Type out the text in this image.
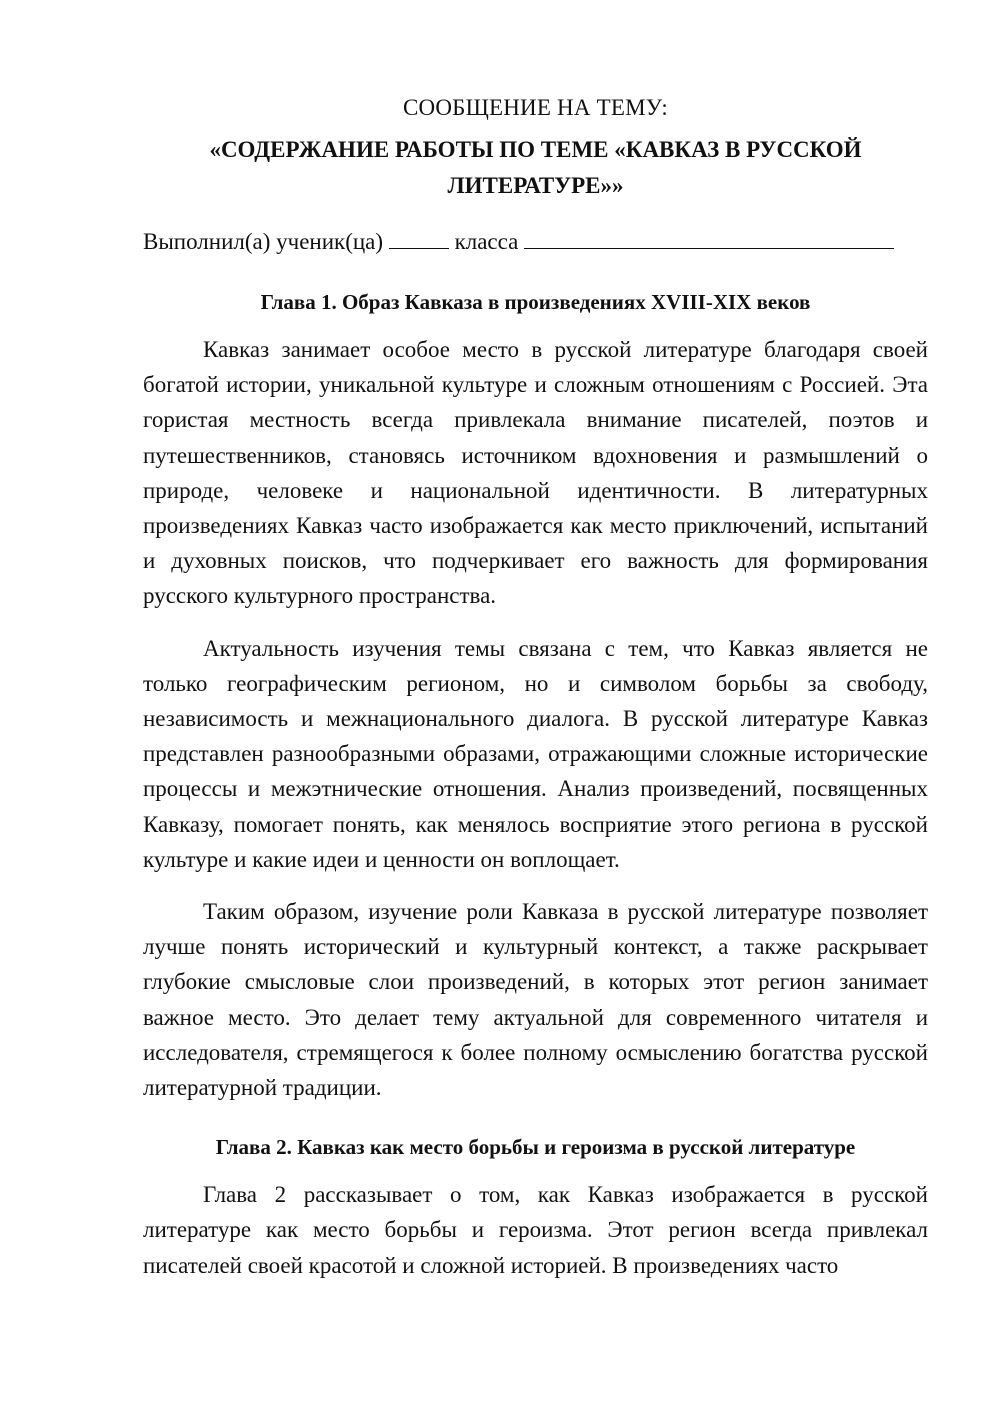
СООБЩЕНИЕ НА ТЕМУ:

«СОДЕРЖАНИЕ РАБОТЫ ПО ТЕМЕ «КАВКАЗ В РУССКОЙ ЛИТЕРАТУРЕ»»

Выполнил(а) ученик(ца)	класса
Глава 1. Образ Кавказа в произведениях XVIII-XIX веков

Кавказ занимает особое место в русской литературе благодаря своей богатой истории, уникальной культуре и сложным отношениям с Россией. Эта гористая местность всегда привлекала внимание писателей, поэтов и путешественников, становясь источником вдохновения и размышлений о природе, человеке и национальной идентичности. В литературных произведениях Кавказ часто изображается как место приключений, испытаний и духовных поисков, что подчеркивает его важность для формирования русского культурного пространства.

Актуальность изучения темы связана с тем, что Кавказ является не только географическим регионом, но и символом борьбы за свободу, независимость и межнационального диалога. В русской литературе Кавказ представлен разнообразными образами, отражающими сложные исторические процессы и межэтнические отношения. Анализ произведений, посвященных Кавказу, помогает понять, как менялось восприятие этого региона в русской культуре и какие идеи и ценности он воплощает.

Таким образом, изучение роли Кавказа в русской литературе позволяет лучше понять исторический и культурный контекст, а также раскрывает глубокие смысловые слои произведений, в которых этот регион занимает важное место. Это делает тему актуальной для современного читателя и исследователя, стремящегося к более полному осмыслению богатства русской литературной традиции.

Глава 2. Кавказ как место борьбы и героизма в русской литературе

Глава 2 рассказывает о том, как Кавказ изображается в русской литературе как место борьбы и героизма. Этот регион всегда привлекал писателей своей красотой и сложной историей. В произведениях часто
